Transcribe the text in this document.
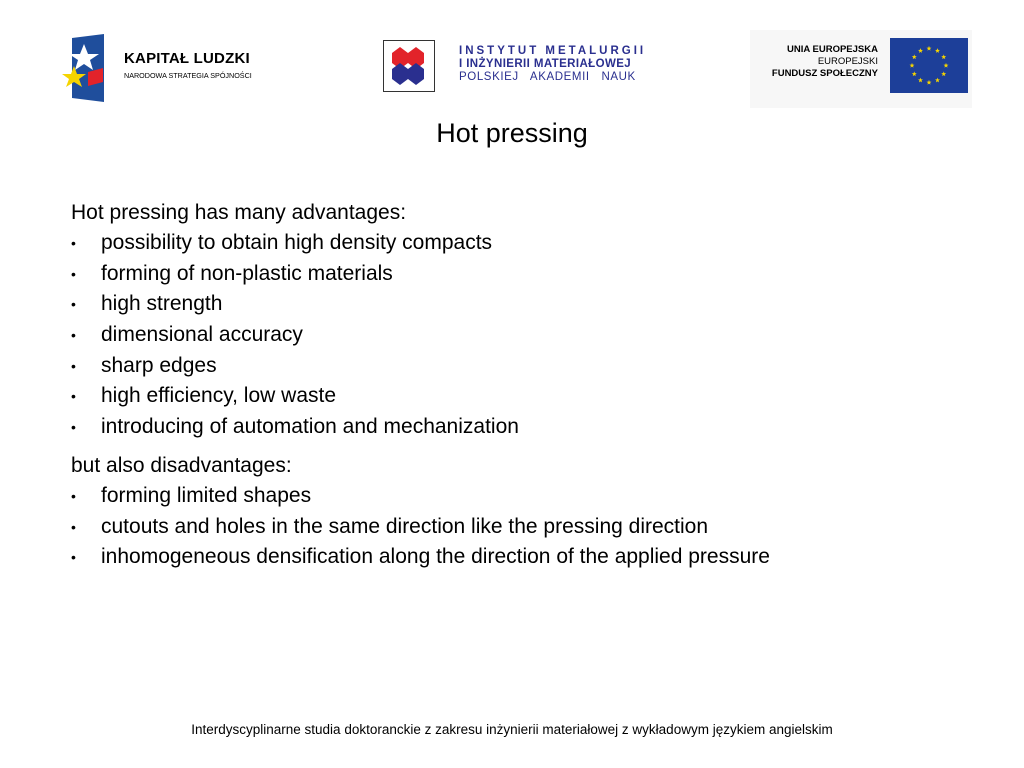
KAPITAŁ LUDZKI
NARODOWA STRATEGIA SPÓJNOŚCI
INSTYTUT METALURGII
I INŻYNIERII MATERIAŁOWEJ
POLSKIEJ AKADEMII NAUK
UNIA EUROPEJSKA
EUROPEJSKI
FUNDUSZ SPOŁECZNY
Hot pressing
Hot pressing has many advantages:
• possibility to obtain high density compacts
• forming of non-plastic materials
• high strength
• dimensional accuracy
• sharp edges
• high efficiency, low waste
• introducing of automation and mechanization
but also disadvantages:
• forming limited shapes
• cutouts and holes in the same direction like the pressing direction
• inhomogeneous densification along the direction of the applied pressure
Interdyscyplinarne studia doktoranckie z zakresu inżynierii materiałowej z wykładowym językiem angielskim
